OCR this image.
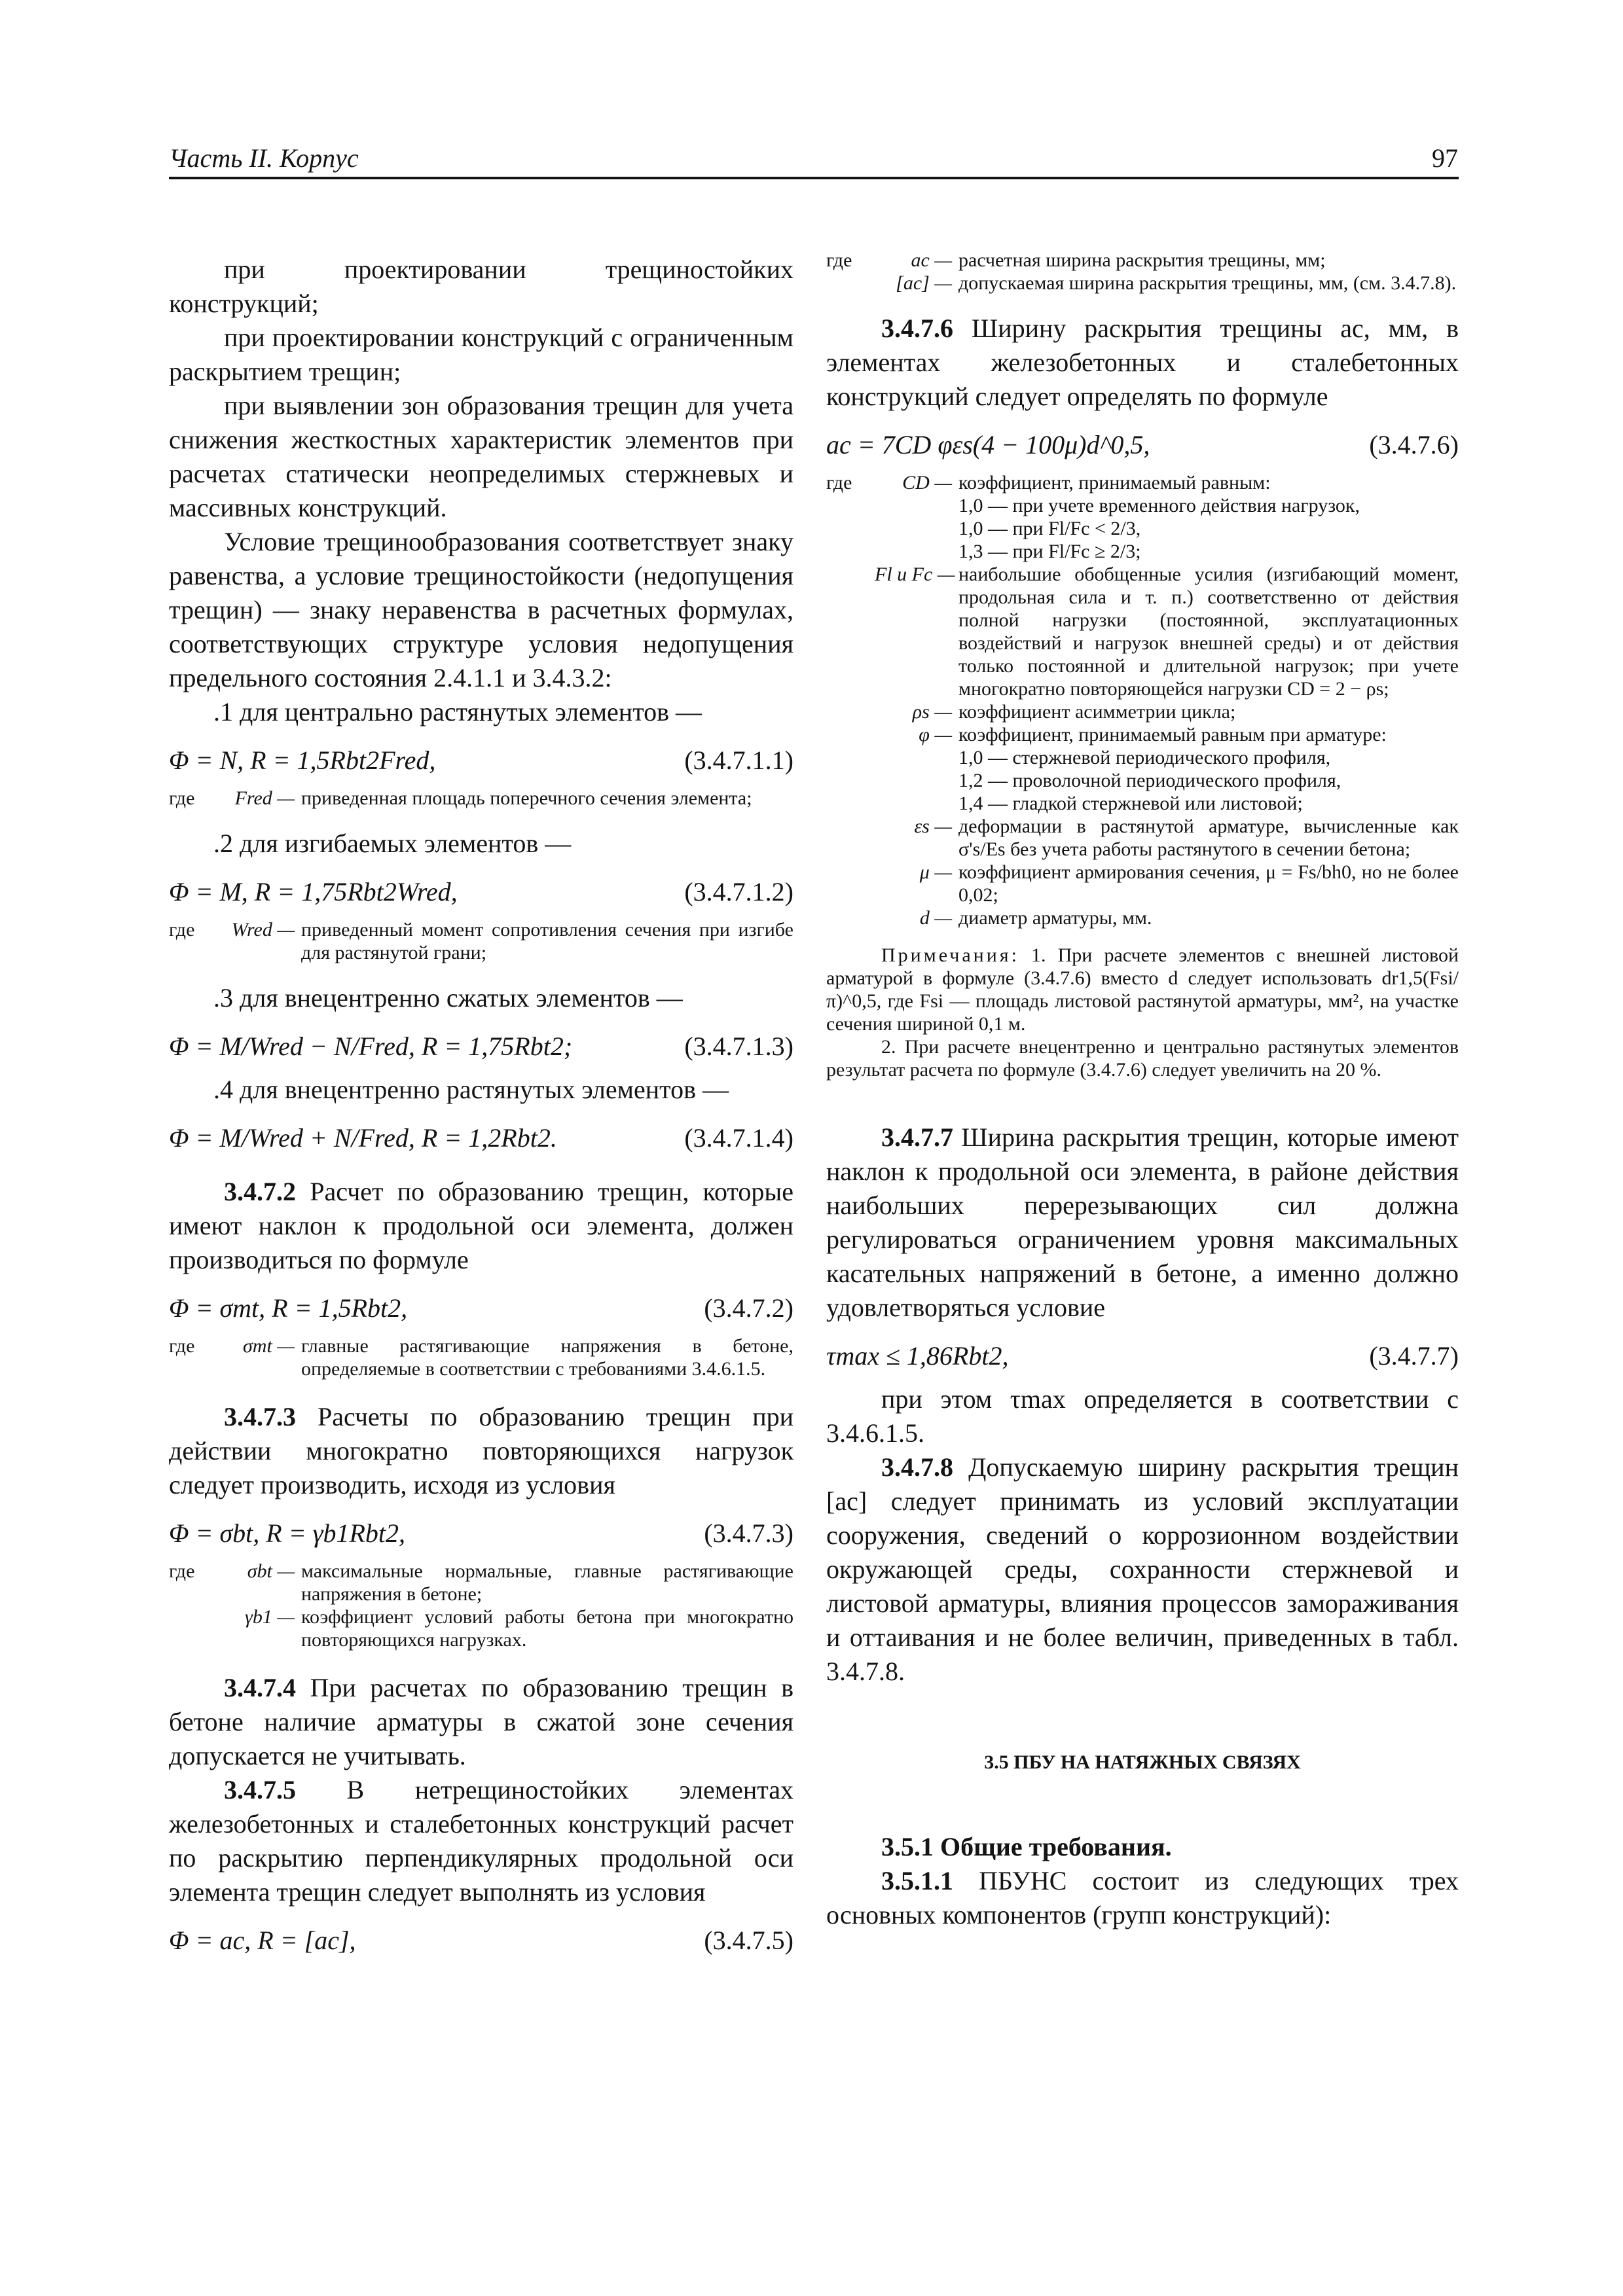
Часть II. Корпус	97

при проектировании трещиностойких конструкций;

при проектировании конструкций с ограниченным раскрытием трещин;

при выявлении зон образования трещин для учета снижения жесткостных характеристик элементов при расчетах статически неопределимых стержневых и массивных конструкций.

Условие трещинообразования соответствует знаку равенства, а условие трещиностойкости (недопущения трещин) — знаку неравенства в расчетных формулах, соответствующих структуре условия недопущения предельного состояния 2.4.1.1 и 3.4.3.2:

.1 для центрально растянутых элементов —

Φ = N, R = 1,5Rbt2Fred,	(3.4.7.1.1)
где	Fred — приведенная площадь поперечного сечения элемента;

.2 для изгибаемых элементов —

Φ = M, R = 1,75Rbt2Wred,	(3.4.7.1.2)
где	Wred — приведенный момент сопротивления сечения при изгибе для растянутой грани;

.3 для внецентренно сжатых элементов —

Φ = M/Wred − N/Fred, R = 1,75Rbt2;	(3.4.7.1.3)

.4 для внецентренно растянутых элементов —

Φ = M/Wred + N/Fred, R = 1,2Rbt2.	(3.4.7.1.4)

3.4.7.2 Расчет по образованию трещин, которые имеют наклон к продольной оси элемента, должен производиться по формуле

Φ = σmt, R = 1,5Rbt2,	(3.4.7.2)
где	σmt — главные растягивающие напряжения в бетоне, определяемые в соответствии с требованиями 3.4.6.1.5.

3.4.7.3 Расчеты по образованию трещин при действии многократно повторяющихся нагрузок следует производить, исходя из условия

Φ = σbt, R = γb1Rbt2,	(3.4.7.3)
где	σbt — максимальные нормальные, главные растягивающие напряжения в бетоне;
γb1 — коэффициент условий работы бетона при многократно повторяющихся нагрузках.

3.4.7.4 При расчетах по образованию трещин в бетоне наличие арматуры в сжатой зоне сечения допускается не учитывать.

3.4.7.5 В нетрещиностойких элементах железобетонных и сталебетонных конструкций расчет по раскрытию перпендикулярных продольной оси элемента трещин следует выполнять из условия

Φ = ac, R = [ac],	(3.4.7.5)
где	ac — расчетная ширина раскрытия трещины, мм;
[ac] — допускаемая ширина раскрытия трещины, мм, (см. 3.4.7.8).

3.4.7.6 Ширину раскрытия трещины ac, мм, в элементах железобетонных и сталебетонных конструкций следует определять по формуле

ac = 7CD φεs(4 − 100μ)d^0,5,	(3.4.7.6)
где	CD — коэффициент, принимаемый равным:
1,0 — при учете временного действия нагрузок,
1,0 — при Fl/Fc < 2/3,
1,3 — при Fl/Fc ≥ 2/3;
Fl и Fc — наибольшие обобщенные усилия (изгибающий момент, продольная сила и т. п.) соответственно от действия полной нагрузки (постоянной, эксплуатационных воздействий и нагрузок внешней среды) и от действия только постоянной и длительной нагрузок; при учете многократно повторяющейся нагрузки CD = 2 − ρs;
ρs — коэффициент асимметрии цикла;
φ — коэффициент, принимаемый равным при арматуре:
1,0 — стержневой периодического профиля,
1,2 — проволочной периодического профиля,
1,4 — гладкой стержневой или листовой;
εs — деформации в растянутой арматуре, вычисленные как σ's/Es без учета работы растянутого в сечении бетона;
μ — коэффициент армирования сечения, μ = Fs/bh0, но не более 0,02;
d — диаметр арматуры, мм.

Примечания: 1. При расчете элементов с внешней листовой арматурой в формуле (3.4.7.6) вместо d следует использовать dr1,5(Fsi/π)^0,5, где Fsi — площадь листовой растянутой арматуры, мм², на участке сечения шириной 0,1 м.

2. При расчете внецентренно и центрально растянутых элементов результат расчета по формуле (3.4.7.6) следует увеличить на 20 %.

3.4.7.7 Ширина раскрытия трещин, которые имеют наклон к продольной оси элемента, в районе действия наибольших перерезывающих сил должна регулироваться ограничением уровня максимальных касательных напряжений в бетоне, а именно должно удовлетворяться условие

τmax ≤ 1,86Rbt2,	(3.4.7.7)

при этом τmax определяется в соответствии с 3.4.6.1.5.

3.4.7.8 Допускаемую ширину раскрытия трещин [ac] следует принимать из условий эксплуатации сооружения, сведений о коррозионном воздействии окружающей среды, сохранности стержневой и листовой арматуры, влияния процессов замораживания и оттаивания и не более величин, приведенных в табл. 3.4.7.8.

3.5 ПБУ НА НАТЯЖНЫХ СВЯЗЯХ

3.5.1 Общие требования.

3.5.1.1 ПБУНС состоит из следующих трех основных компонентов (групп конструкций):
